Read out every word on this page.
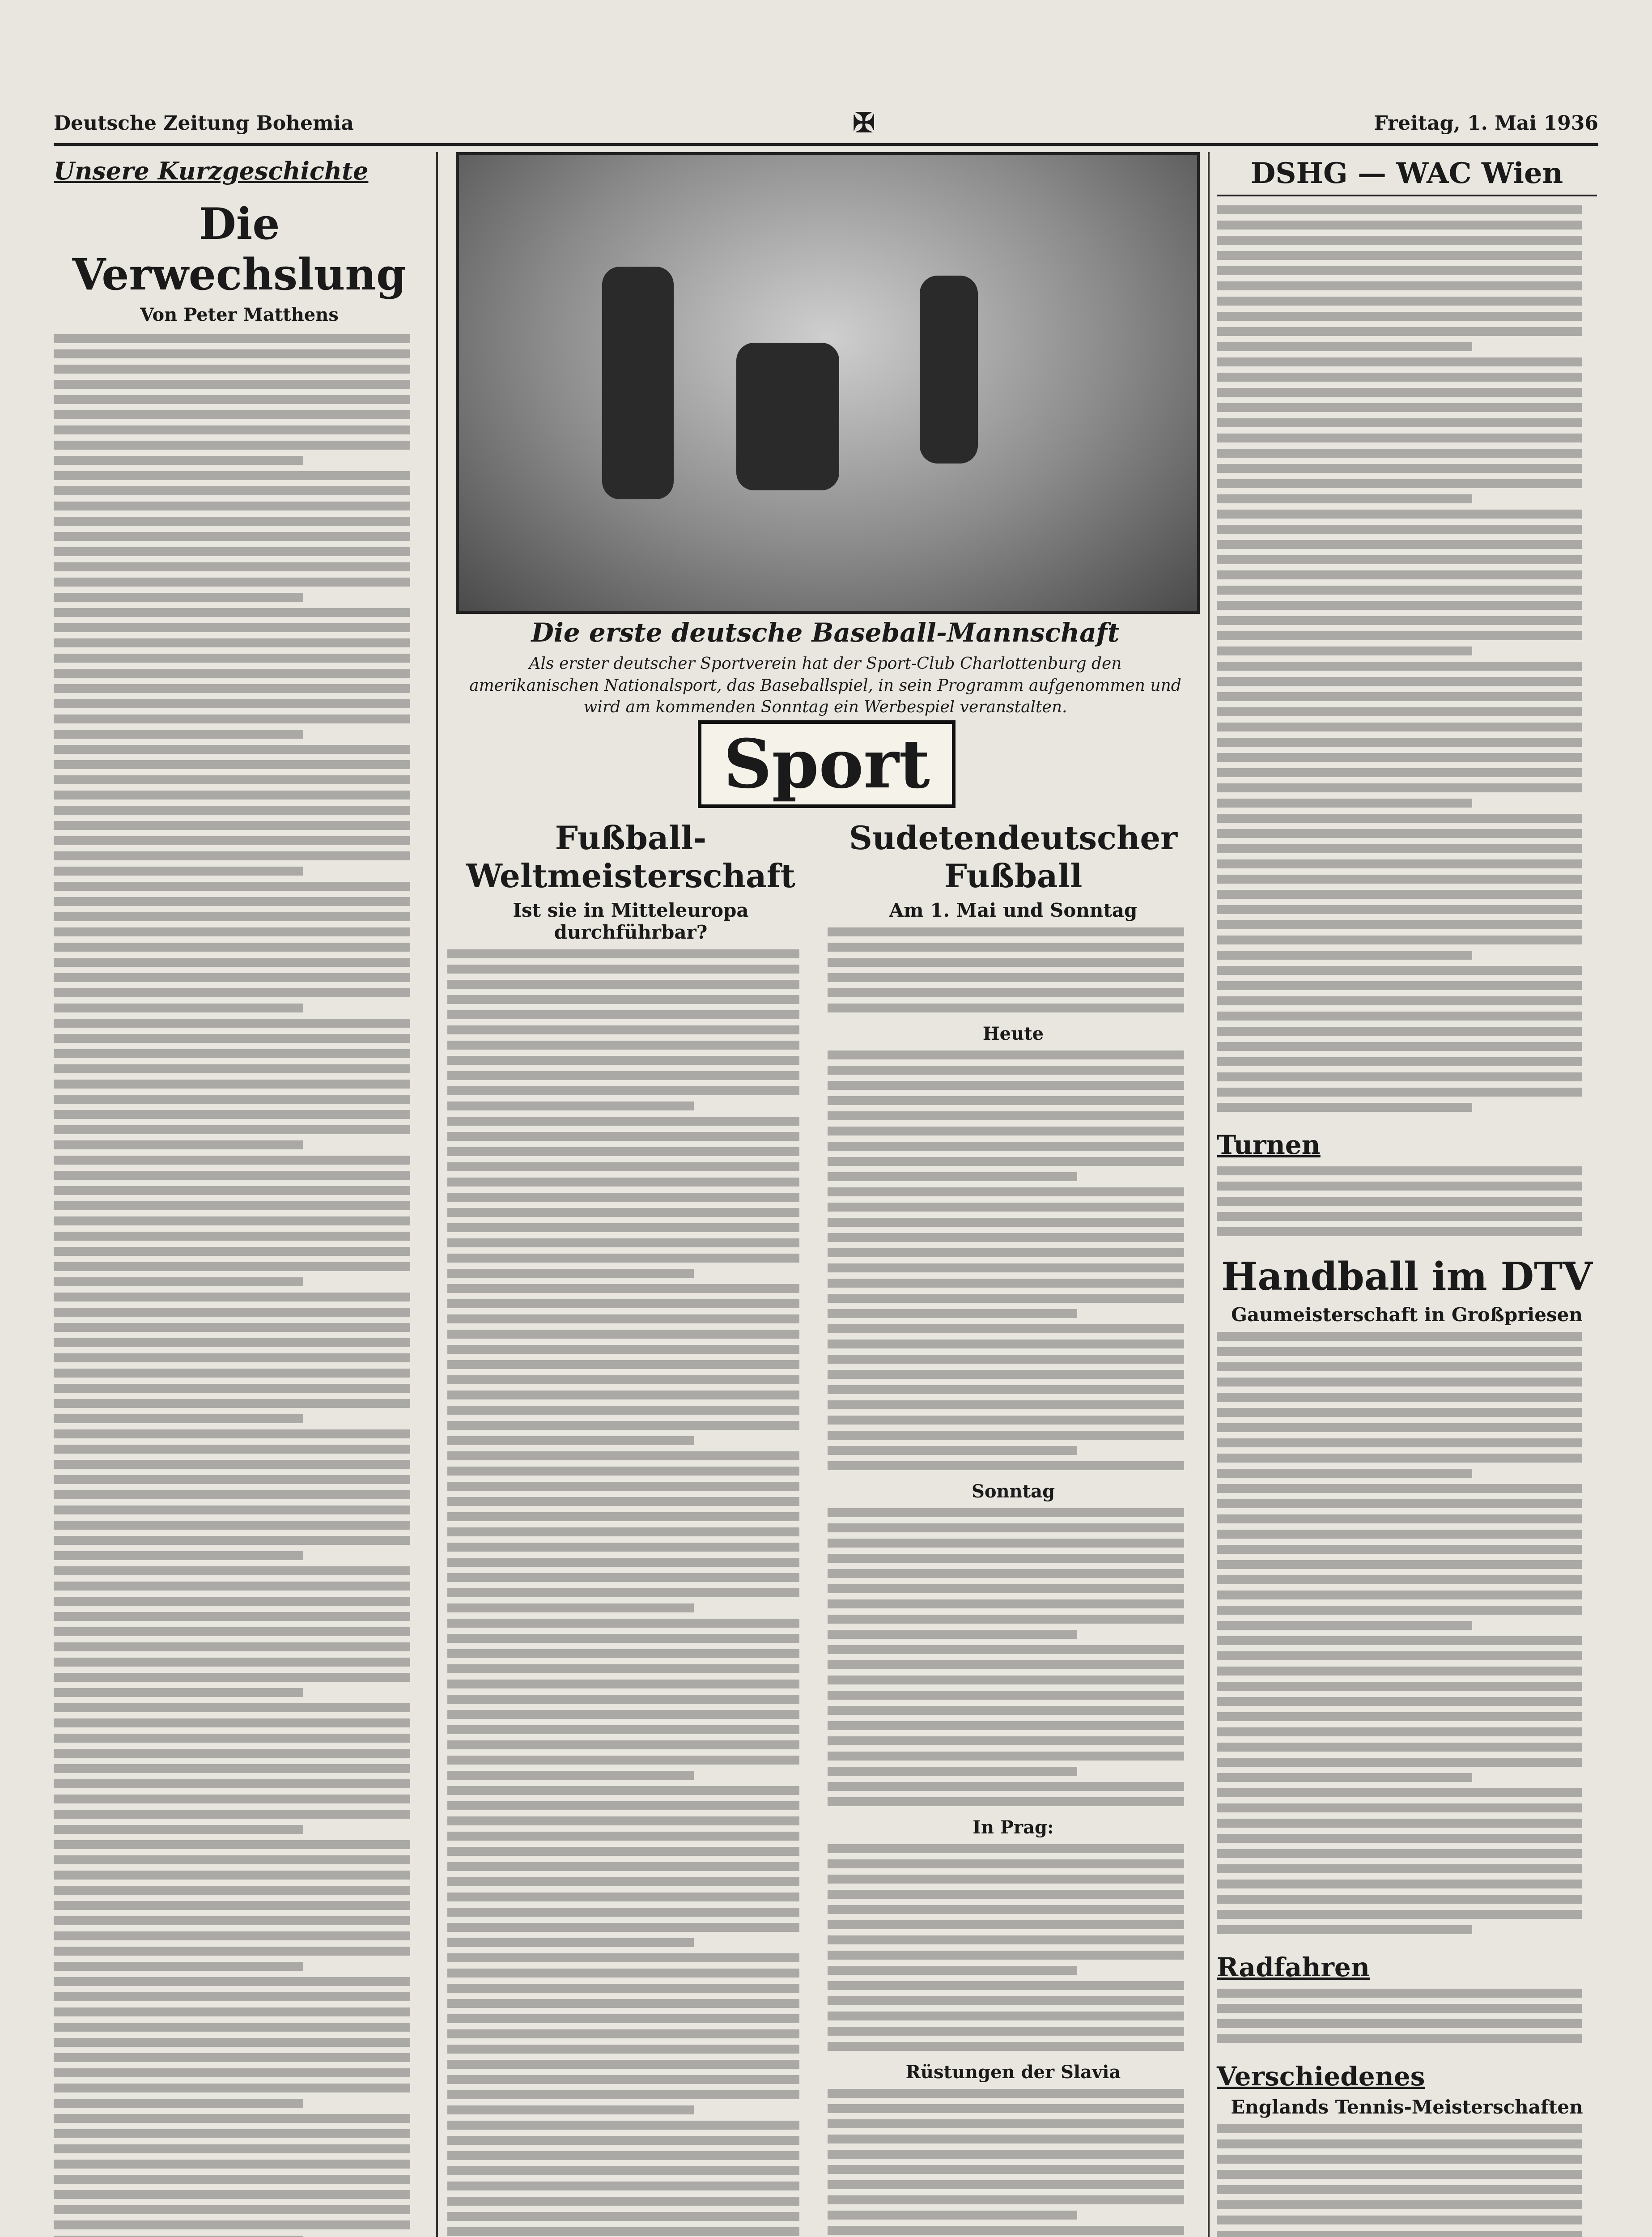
Deutsche Zeitung Bohemia	✠	Freitag, 1. Mai 1936
Unsere Kurzgeschichte
Die Verwechslung
Von Peter Matthens
Die erste deutsche Baseball-Mannschaft
Als erster deutscher Sportverein hat der Sport-Club Charlottenburg den amerikanischen Nationalsport, das Baseballspiel, in sein Programm aufgenommen und wird am kommenden Sonntag ein Werbespiel veranstalten.
Sport
Fußball-Weltmeisterschaft
Ist sie in Mitteleuropa durchführbar?
Sudetendeutscher Fußball
Am 1. Mai und Sonntag
Heute
Sonntag
In Prag:
Rüstungen der Slavia
DSHG — WAC Wien
Turnen
Handball im DTV
Gaumeisterschaft in Großpriesen
Radfahren
Verschiedenes
Englands Tennis-Meisterschaften
